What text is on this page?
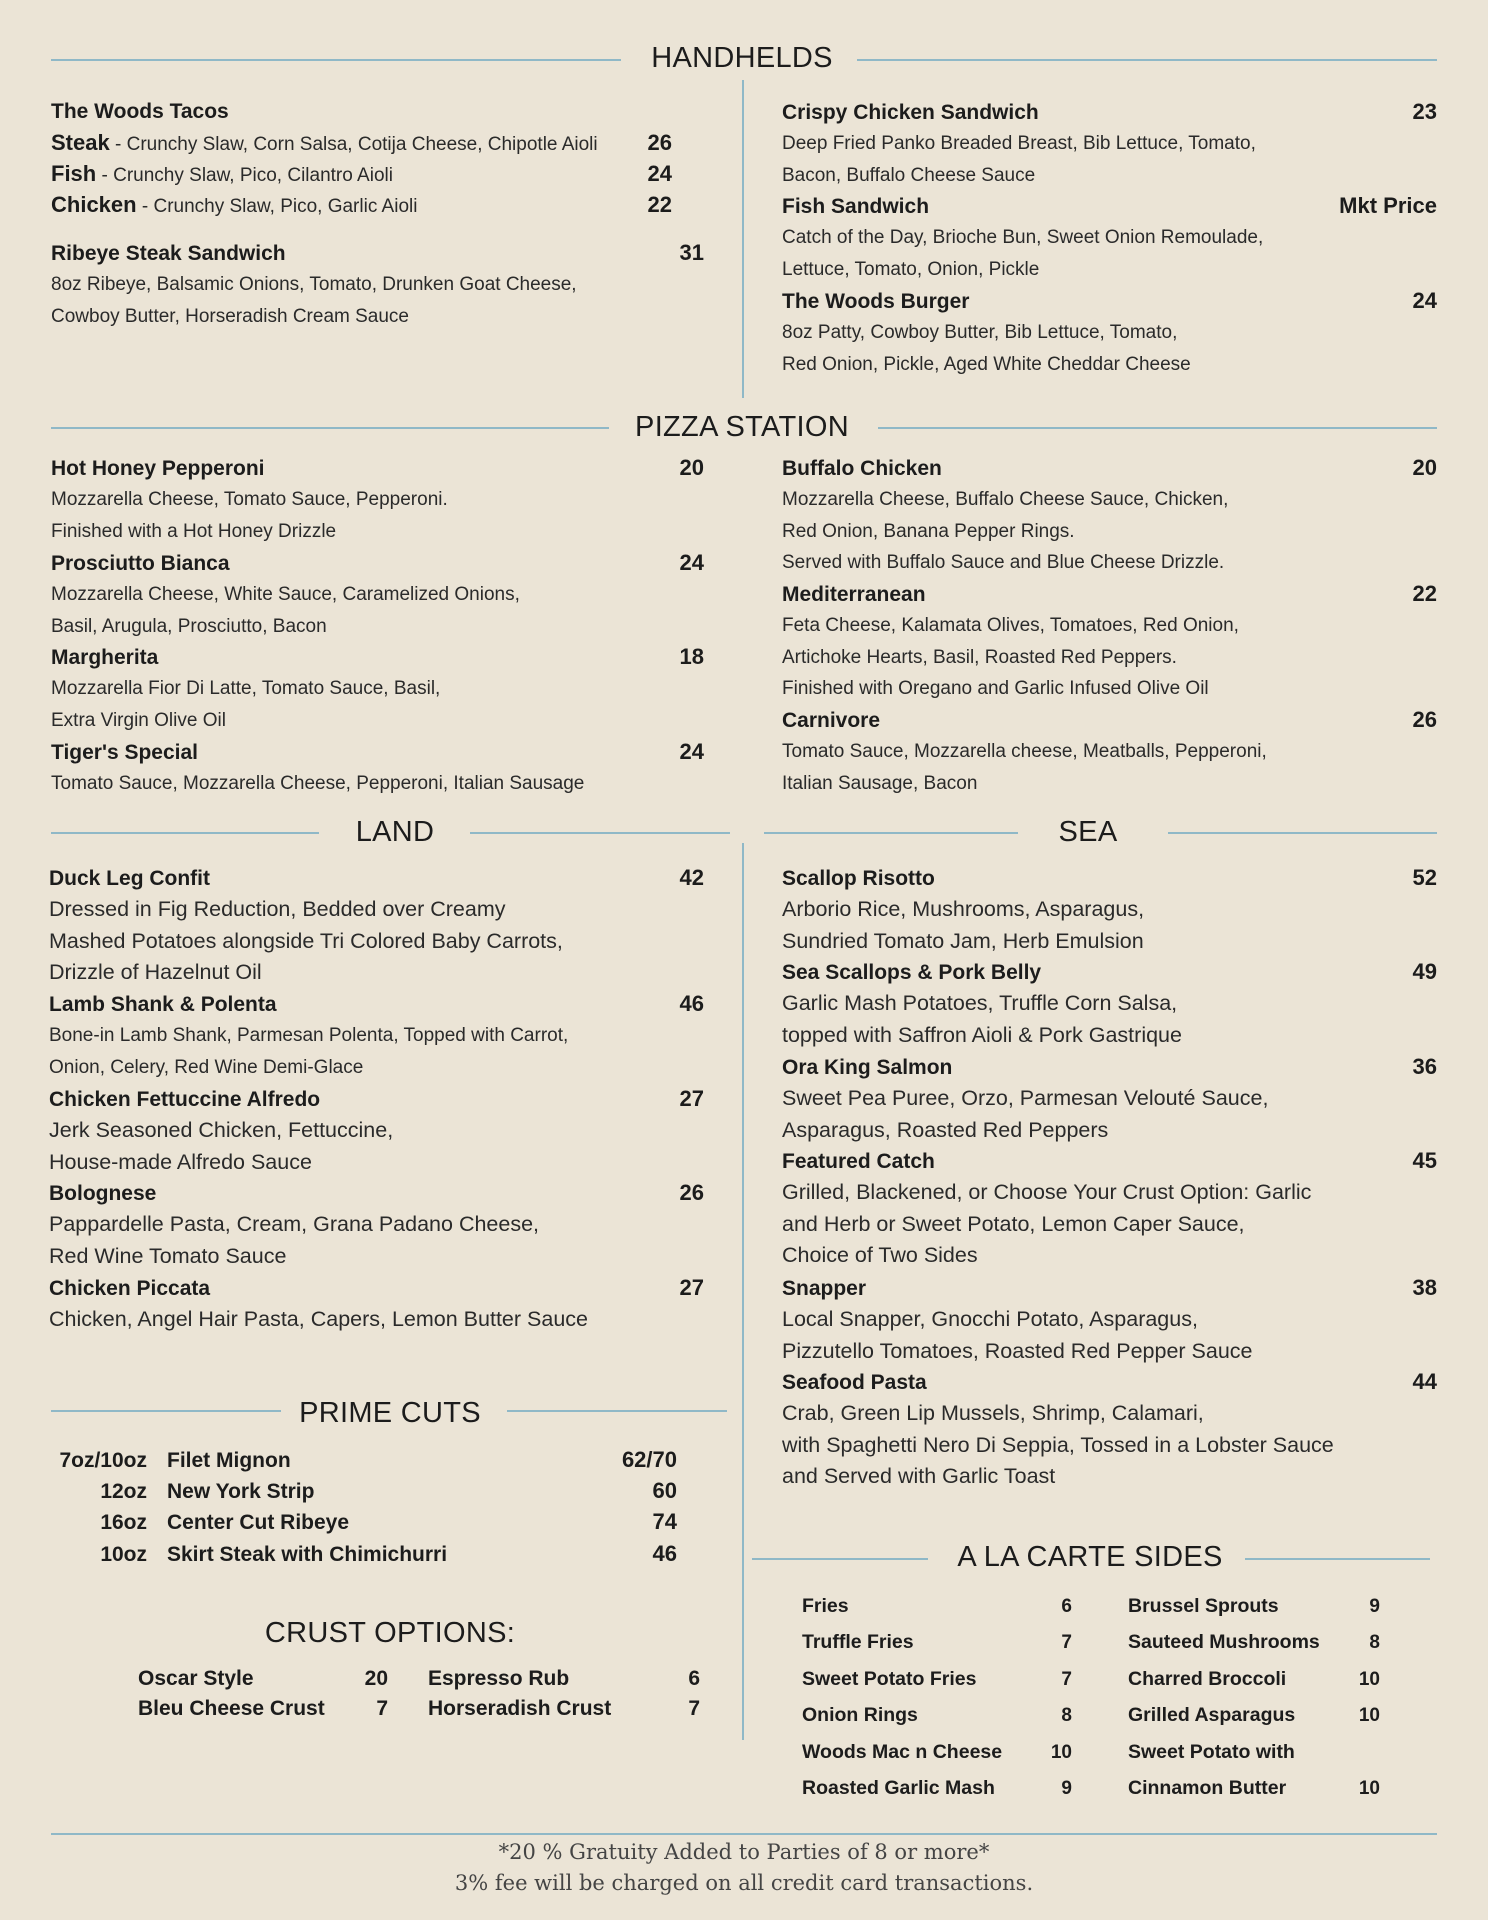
HANDHELDS
PIZZA STATION
LAND	SEA
PRIME CUTS
CRUST OPTIONS:
A LA CARTE SIDES
The Woods Tacos
Steak - Crunchy Slaw, Corn Salsa, Cotija Cheese, Chipotle Aioli 26
Fish - Crunchy Slaw, Pico, Cilantro Aioli	24
Chicken - Crunchy Slaw, Pico, Garlic Aioli	22
Ribeye Steak Sandwich	31
8oz Ribeye, Balsamic Onions, Tomato, Drunken Goat Cheese,
Cowboy Butter, Horseradish Cream Sauce
Crispy Chicken Sandwich	23
Deep Fried Panko Breaded Breast, Bib Lettuce, Tomato,
Bacon, Buffalo Cheese Sauce
Fish Sandwich	Mkt Price
Catch of the Day, Brioche Bun, Sweet Onion Remoulade,
Lettuce, Tomato, Onion, Pickle
The Woods Burger	24
8oz Patty, Cowboy Butter, Bib Lettuce, Tomato,
Red Onion, Pickle, Aged White Cheddar Cheese
Hot Honey Pepperoni	20
Mozzarella Cheese, Tomato Sauce, Pepperoni.
Finished with a Hot Honey Drizzle
Prosciutto Bianca	24
Mozzarella Cheese, White Sauce, Caramelized Onions,
Basil, Arugula, Prosciutto, Bacon
Margherita	18
Mozzarella Fior Di Latte, Tomato Sauce, Basil,
Extra Virgin Olive Oil
Tiger's Special	24
Tomato Sauce, Mozzarella Cheese, Pepperoni, Italian Sausage
Buffalo Chicken	20
Mozzarella Cheese, Buffalo Cheese Sauce, Chicken,
Red Onion, Banana Pepper Rings.
Served with Buffalo Sauce and Blue Cheese Drizzle.
Mediterranean	22
Feta Cheese, Kalamata Olives, Tomatoes, Red Onion,
Artichoke Hearts, Basil, Roasted Red Peppers.
Finished with Oregano and Garlic Infused Olive Oil
Carnivore	26
Tomato Sauce, Mozzarella cheese, Meatballs, Pepperoni,
Italian Sausage, Bacon
Duck Leg Confit	42
Dressed in Fig Reduction, Bedded over Creamy
Mashed Potatoes alongside Tri Colored Baby Carrots,
Drizzle of Hazelnut Oil
Lamb Shank & Polenta	46
Bone-in Lamb Shank, Parmesan Polenta, Topped with Carrot,
Onion, Celery, Red Wine Demi-Glace
Chicken Fettuccine Alfredo	27
Jerk Seasoned Chicken, Fettuccine,
House-made Alfredo Sauce
Bolognese	26
Pappardelle Pasta, Cream, Grana Padano Cheese,
Red Wine Tomato Sauce
Chicken Piccata	27
Chicken, Angel Hair Pasta, Capers, Lemon Butter Sauce
Scallop Risotto	52
Arborio Rice, Mushrooms, Asparagus,
Sundried Tomato Jam, Herb Emulsion
Sea Scallops & Pork Belly	49
Garlic Mash Potatoes, Truffle Corn Salsa,
topped with Saffron Aioli & Pork Gastrique
Ora King Salmon	36
Sweet Pea Puree, Orzo, Parmesan Velouté Sauce,
Asparagus, Roasted Red Peppers
Featured Catch	45
Grilled, Blackened, or Choose Your Crust Option: Garlic
and Herb or Sweet Potato, Lemon Caper Sauce,
Choice of Two Sides
Snapper	38
Local Snapper, Gnocchi Potato, Asparagus,
Pizzutello Tomatoes, Roasted Red Pepper Sauce
Seafood Pasta	44
Crab, Green Lip Mussels, Shrimp, Calamari,
with Spaghetti Nero Di Seppia, Tossed in a Lobster Sauce
and Served with Garlic Toast
7oz/10oz Filet Mignon	62/70
12oz New York Strip	60
16oz Center Cut Ribeye	74
10oz Skirt Steak with Chimichurri	46
Oscar Style	20
Bleu Cheese Crust	7
Espresso Rub	6
Horseradish Crust	7
Fries	6
Truffle Fries	7
Sweet Potato Fries	7
Onion Rings	8
Woods Mac n Cheese	10
Roasted Garlic Mash	9
Brussel Sprouts	9
Sauteed Mushrooms	8
Charred Broccoli	10
Grilled Asparagus	10
Sweet Potato with
Cinnamon Butter	10
*20 % Gratuity Added to Parties of 8 or more*
3% fee will be charged on all credit card transactions.
